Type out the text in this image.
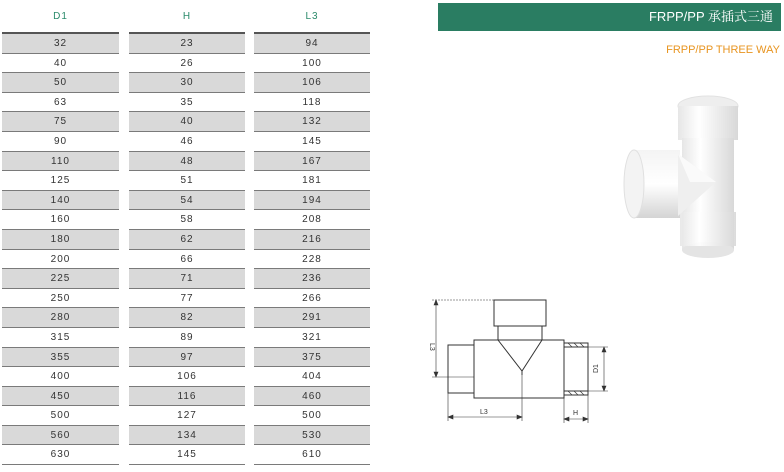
D1
32
40
50
63
75
90
110
125
140
160
180
200
225
250
280
315
355
400
450
500
560
630
H
23
26
30
35
40
46
48
51
54
58
62
66
71
77
82
89
97
106
116
127
134
145
L3
94
100
106
118
132
145
167
181
194
208
216
228
236
266
291
321
375
404
460
500
530
610
FRPP/PP 承插式三通
FRPP/PP THREE WAY
L3
L3
D1
H
